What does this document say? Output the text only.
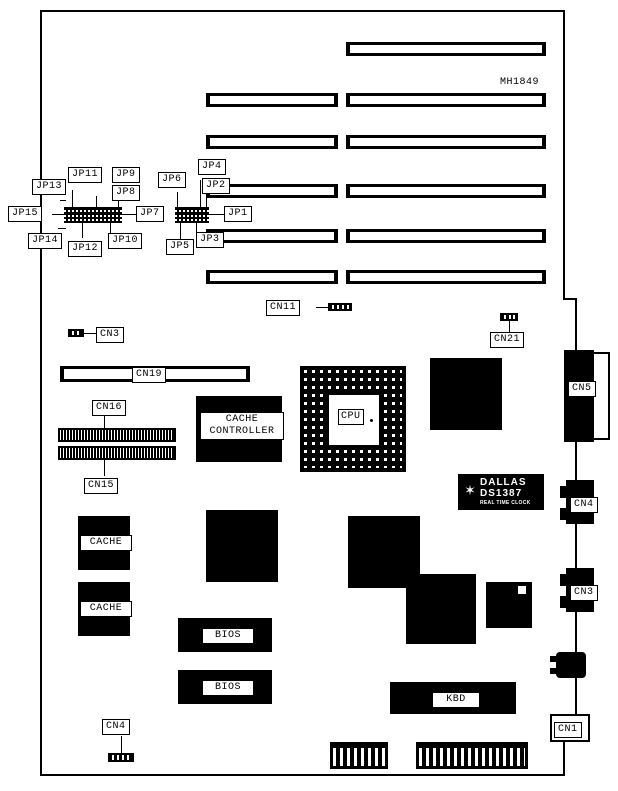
MH1849
JP13
JP11	JP9
JP8
JP15
JP14
JP12
JP10
JP7
JP6
JP4
JP2
JP1
JP3
JP5
CN11
CN21
CN3
CN19
CN16
CN15
CACHE
CONTROLLER
CPU
✶ DALLAS
DS1387
REAL TIME CLOCK
CACHE
CACHE
BIOS
BIOS
KBD
CN4
CN5
CN4
CN3
CN1
